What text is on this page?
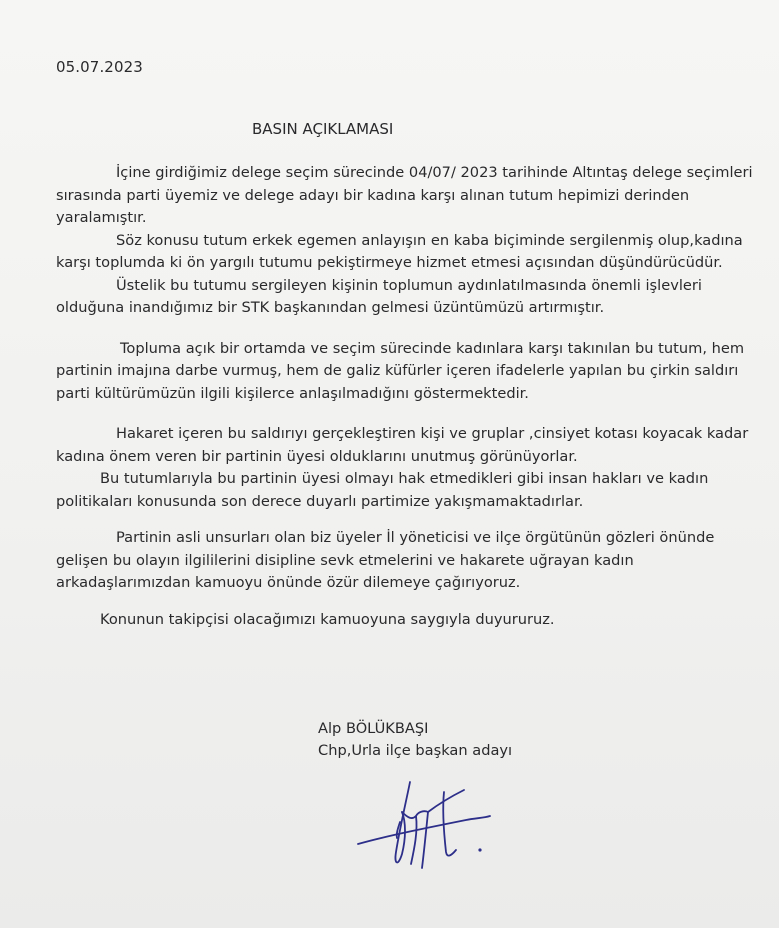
05.07.2023
BASIN AÇIKLAMASI

İçine girdiğimiz delege seçim sürecinde 04/07/ 2023 tarihinde Altıntaş delege seçimleri sırasında parti üyemiz ve delege adayı bir kadına karşı alınan tutum hepimizi derinden yaralamıştır.

Söz konusu tutum erkek egemen anlayışın en kaba biçiminde sergilenmiş olup,kadına karşı toplumda ki ön yargılı tutumu pekiştirmeye hizmet etmesi açısından düşündürücüdür.

Üstelik bu tutumu sergileyen kişinin toplumun aydınlatılmasında önemli işlevleri olduğuna inandığımız bir STK başkanından gelmesi üzüntümüzü artırmıştır.

Topluma açık bir ortamda ve seçim sürecinde kadınlara karşı takınılan bu tutum, hem partinin imajına darbe vurmuş, hem de galiz küfürler içeren ifadelerle yapılan bu çirkin saldırı parti kültürümüzün ilgili kişilerce anlaşılmadığını göstermektedir.

Hakaret içeren bu saldırıyı gerçekleştiren kişi ve gruplar ,cinsiyet kotası koyacak kadar kadına önem veren bir partinin üyesi olduklarını unutmuş görünüyorlar.

Bu tutumlarıyla bu partinin üyesi olmayı hak etmedikleri gibi insan hakları ve kadın politikaları konusunda son derece duyarlı partimize yakışmamaktadırlar.

Partinin asli unsurları olan biz üyeler İl yöneticisi ve ilçe örgütünün gözleri önünde gelişen bu olayın ilgililerini disipline sevk etmelerini ve hakarete uğrayan kadın arkadaşlarımızdan kamuoyu önünde özür dilemeye çağırıyoruz.

Konunun takipçisi olacağımızı kamuoyuna saygıyla duyururuz.

Alp BÖLÜKBAŞI
Chp,Urla ilçe başkan adayı
